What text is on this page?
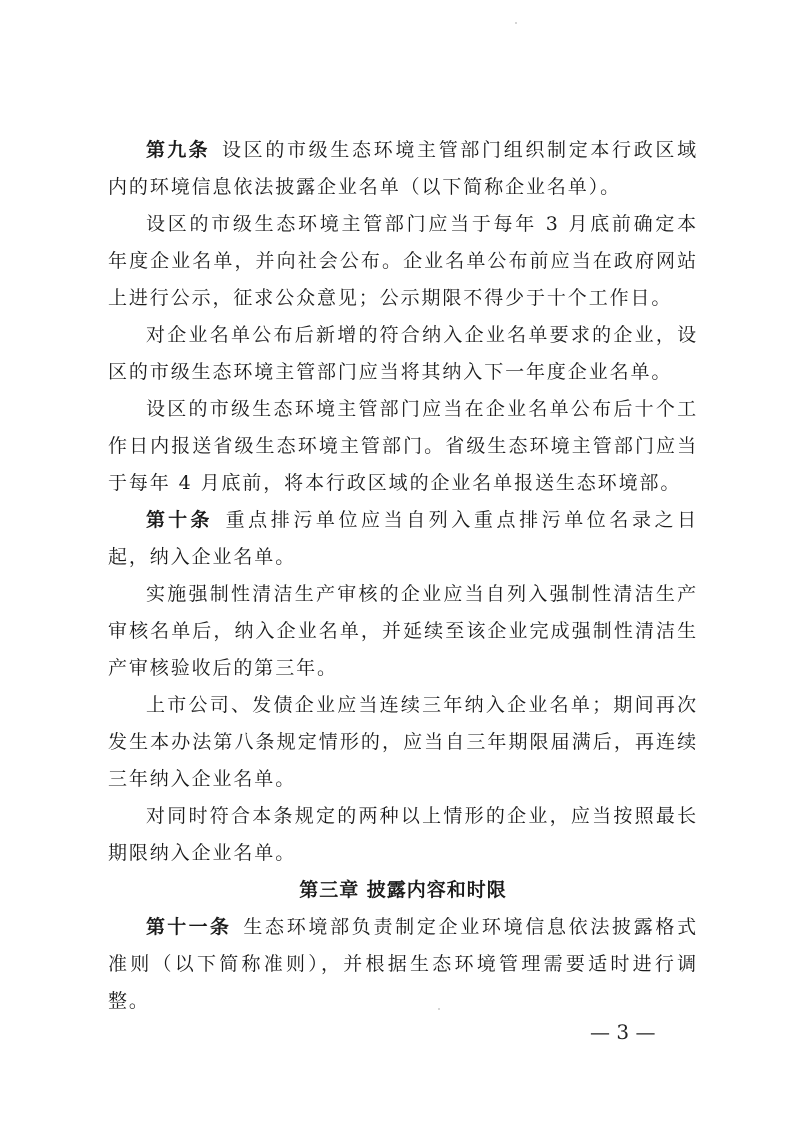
第九条  设区的市级生态环境主管部门组织制定本行政区域内的环境信息依法披露企业名单（以下简称企业名单）。

设区的市级生态环境主管部门应当于每年 3 月底前确定本年度企业名单，并向社会公布。企业名单公布前应当在政府网站上进行公示，征求公众意见；公示期限不得少于十个工作日。

对企业名单公布后新增的符合纳入企业名单要求的企业，设区的市级生态环境主管部门应当将其纳入下一年度企业名单。

设区的市级生态环境主管部门应当在企业名单公布后十个工作日内报送省级生态环境主管部门。省级生态环境主管部门应当于每年 4 月底前，将本行政区域的企业名单报送生态环境部。

第十条  重点排污单位应当自列入重点排污单位名录之日起，纳入企业名单。

实施强制性清洁生产审核的企业应当自列入强制性清洁生产审核名单后，纳入企业名单，并延续至该企业完成强制性清洁生产审核验收后的第三年。

上市公司、发债企业应当连续三年纳入企业名单；期间再次发生本办法第八条规定情形的，应当自三年期限届满后，再连续三年纳入企业名单。

对同时符合本条规定的两种以上情形的企业，应当按照最长期限纳入企业名单。

第三章 披露内容和时限

第十一条  生态环境部负责制定企业环境信息依法披露格式准则（以下简称准则），并根据生态环境管理需要适时进行调整。

— 3 —
